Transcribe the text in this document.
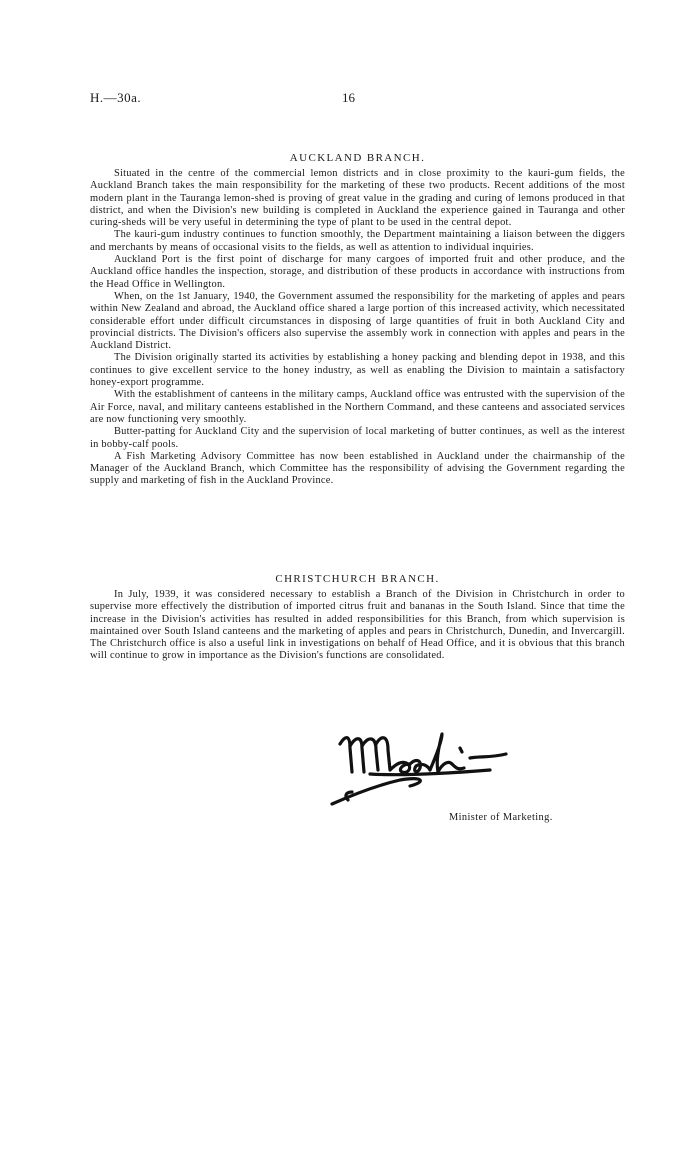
H.—30a.	16
AUCKLAND BRANCH.

Situated in the centre of the commercial lemon districts and in close proximity to the kauri-gum fields, the Auckland Branch takes the main responsibility for the marketing of these two products. Recent additions of the most modern plant in the Tauranga lemon-shed is proving of great value in the grading and curing of lemons produced in that district, and when the Division's new building is completed in Auckland the experience gained in Tauranga and other curing-sheds will be very useful in determining the type of plant to be used in the central depot.

The kauri-gum industry continues to function smoothly, the Department maintaining a liaison between the diggers and merchants by means of occasional visits to the fields, as well as attention to individual inquiries.

Auckland Port is the first point of discharge for many cargoes of imported fruit and other produce, and the Auckland office handles the inspection, storage, and distribution of these products in accordance with instructions from the Head Office in Wellington.

When, on the 1st January, 1940, the Government assumed the responsibility for the marketing of apples and pears within New Zealand and abroad, the Auckland office shared a large portion of this increased activity, which necessitated considerable effort under difficult circumstances in disposing of large quantities of fruit in both Auckland City and provincial districts. The Division's officers also supervise the assembly work in connection with apples and pears in the Auckland District.

The Division originally started its activities by establishing a honey packing and blending depot in 1938, and this continues to give excellent service to the honey industry, as well as enabling the Division to maintain a satisfactory honey-export programme.

With the establishment of canteens in the military camps, Auckland office was entrusted with the supervision of the Air Force, naval, and military canteens established in the Northern Command, and these canteens and associated services are now functioning very smoothly.

Butter-patting for Auckland City and the supervision of local marketing of butter continues, as well as the interest in bobby-calf pools.

A Fish Marketing Advisory Committee has now been established in Auckland under the chairmanship of the Manager of the Auckland Branch, which Committee has the responsibility of advising the Government regarding the supply and marketing of fish in the Auckland Province.

CHRISTCHURCH BRANCH.

In July, 1939, it was considered necessary to establish a Branch of the Division in Christchurch in order to supervise more effectively the distribution of imported citrus fruit and bananas in the South Island. Since that time the increase in the Division's activities has resulted in added responsibilities for this Branch, from which supervision is maintained over South Island canteens and the marketing of apples and pears in Christchurch, Dunedin, and Invercargill. The Christchurch office is also a useful link in investigations on behalf of Head Office, and it is obvious that this branch will continue to grow in importance as the Division's functions are consolidated.

Minister of Marketing.
